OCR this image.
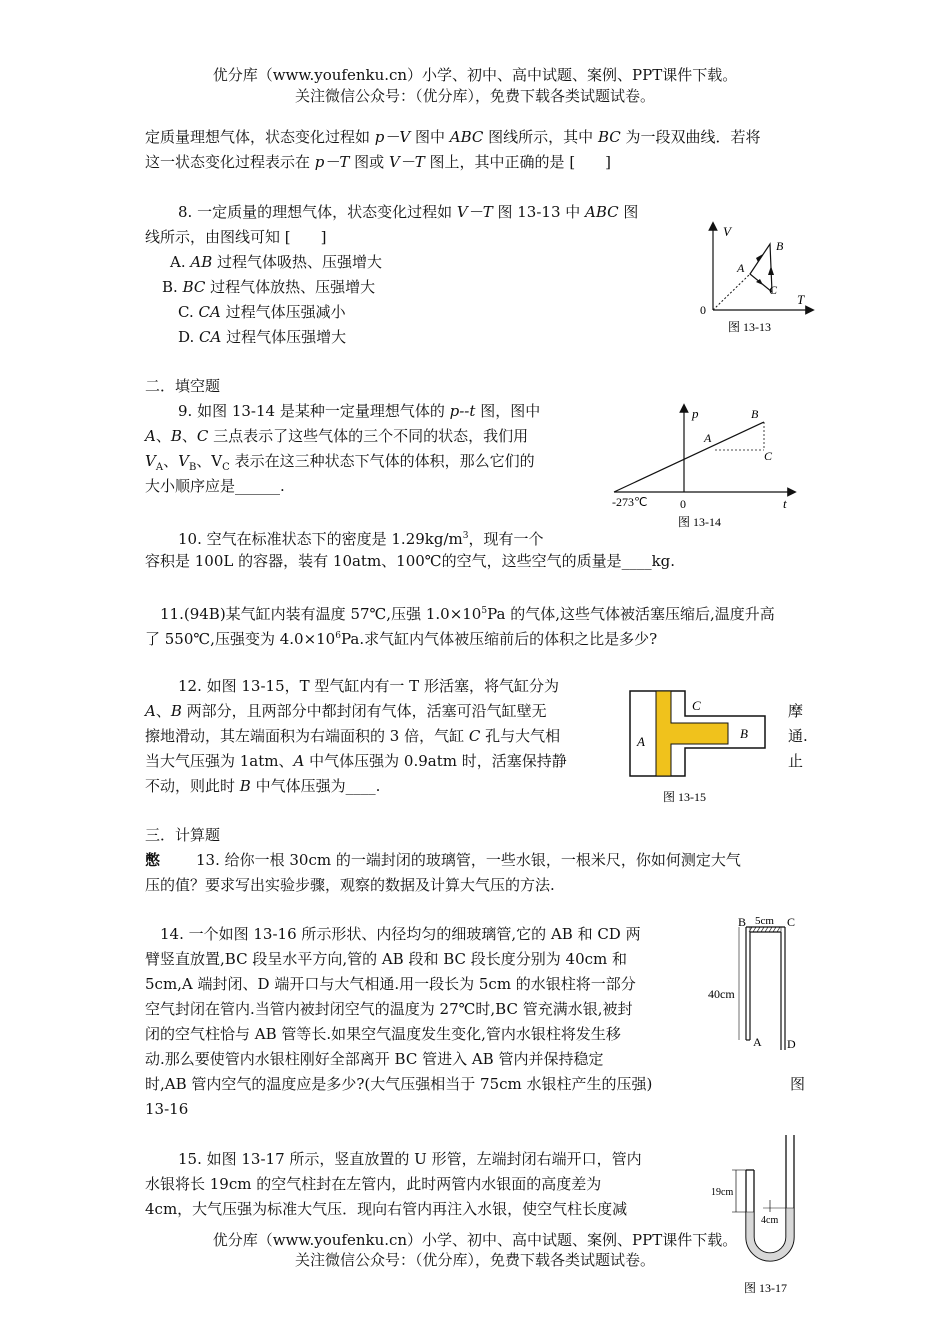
优分库（www.youfenku.cn）小学、初中、高中试题、案例、PPT课件下载。
关注微信公众号：（优分库），免费下载各类试题试卷。
定质量理想气体，状态变化过程如 p－V 图中 ABC 图线所示，其中 BC 为一段双曲线．若将
这一状态变化过程表示在 p－T 图或 V－T 图上，其中正确的是 [　　]
8. 一定质量的理想气体，状态变化过程如 V－T 图 13-13 中 ABC 图
线所示，由图线可知 [　　]
A. AB 过程气体吸热、压强增大
B. BC 过程气体放热、压强增大
C. CA 过程气体压强减小
D. CA 过程气体压强增大
V
T
0
A
B
C
图 13-13
二．填空题
9. 如图 13-14 是某种一定量理想气体的 p--t 图，图中
A、B、C 三点表示了这些气体的三个不同的状态，我们用
$V_A$、$V_B$、$V_C$ 表示在这三种状态下气体的体积，那么它们的
大小顺序应是______.
p
t
0
-273℃
A
B
C
图 13-14
10. 空气在标准状态下的密度是 $1.29kg/m^3$，现有一个
容积是 100L 的容器，装有 10atm、100℃的空气，这些空气的质量是____kg.
11.(94B)某气缸内装有温度 57℃,压强 $1.0\times 10^5Pa$ 的气体,这些气体被活塞压缩后,温度升高
了 550℃,压强变为 $4.0\times 10^6Pa$.求气缸内气体被压缩前后的体积之比是多少?
12. 如图 13-15，T 型气缸内有一 T 形活塞，将气缸分为
A、B 两部分，且两部分中都封闭有气体，活塞可沿气缸壁无
擦地滑动，其左端面积为右端面积的 3 倍，气缸 C 孔与大气相
当大气压强为 1atm、A 中气体压强为 0.9atm 时，活塞保持静
不动，则此时 B 中气体压强为____.
摩
通.
止
A
B
C
图 13-15
三．计算题
憋 13. 给你一根 30cm 的一端封闭的玻璃管，一些水银，一根米尺，你如何测定大气
压的值？要求写出实验步骤，观察的数据及计算大气压的方法.
14. 一个如图 13-16 所示形状、内径均匀的细玻璃管,它的 AB 和 CD 两
臂竖直放置,BC 段呈水平方向,管的 AB 段和 BC 段长度分别为 40cm 和
5cm,A 端封闭、D 端开口与大气相通.用一段长为 5cm 的水银柱将一部分
空气封闭在管内.当管内被封闭空气的温度为 27℃时,BC 管充满水银,被封
闭的空气柱恰与 AB 管等长.如果空气温度发生变化,管内水银柱将发生移
动.那么要使管内水银柱刚好全部离开 BC 管进入 AB 管内并保持稳定
时,AB 管内空气的温度应是多少?(大气压强相当于 75cm 水银柱产生的压强)	图
13-16
B	C
5cm
40cm
A D
15. 如图 13-17 所示，竖直放置的 U 形管，左端封闭右端开口，管内
水银将长 19cm 的空气柱封在左管内，此时两管内水银面的高度差为
4cm，大气压强为标准大气压．现向右管内再注入水银，使空气柱长度减
19cm
4cm
图 13-17
优分库（www.youfenku.cn）小学、初中、高中试题、案例、PPT课件下载。
关注微信公众号：（优分库），免费下载各类试题试卷。
